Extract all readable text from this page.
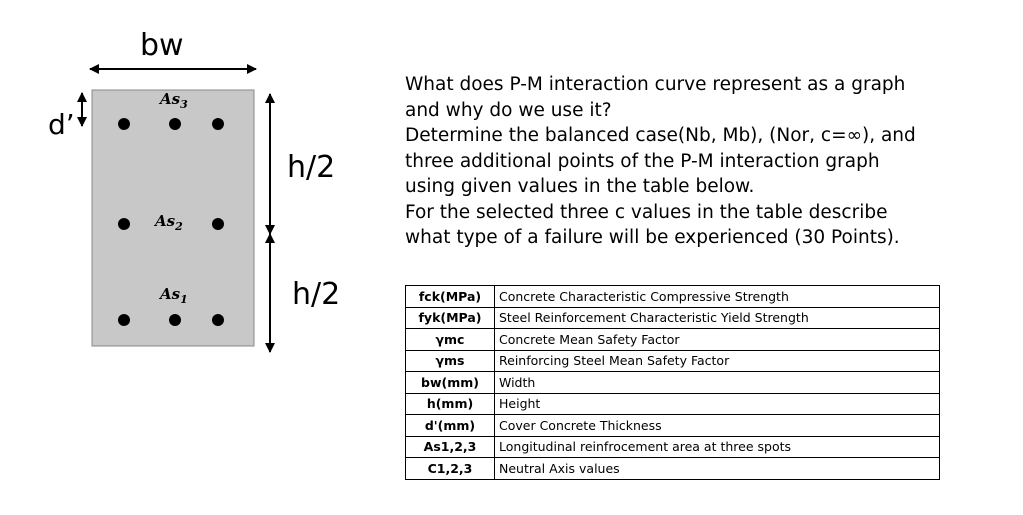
bw
d’
h/2
h/2
$As_3$
$As_2$
$As_1$
What does P-M interaction curve represent as a graph
and why do we use it?
Determine the balanced case(Nb, Mb), (Nor, c=∞), and
three additional points of the P-M interaction graph
using given values in the table below.
For the selected three c values in the table describe
what type of a failure will be experienced (30 Points).
fck(MPa)	Concrete Characteristic Compressive Strength
fyk(MPa)	Steel Reinforcement Characteristic Yield Strength
γmc	Concrete Mean Safety Factor
γms	Reinforcing Steel Mean Safety Factor
bw(mm)	Width
h(mm)	Height
d'(mm)	Cover Concrete Thickness
As1,2,3	Longitudinal reinfrocement area at three spots
C1,2,3	Neutral Axis values
